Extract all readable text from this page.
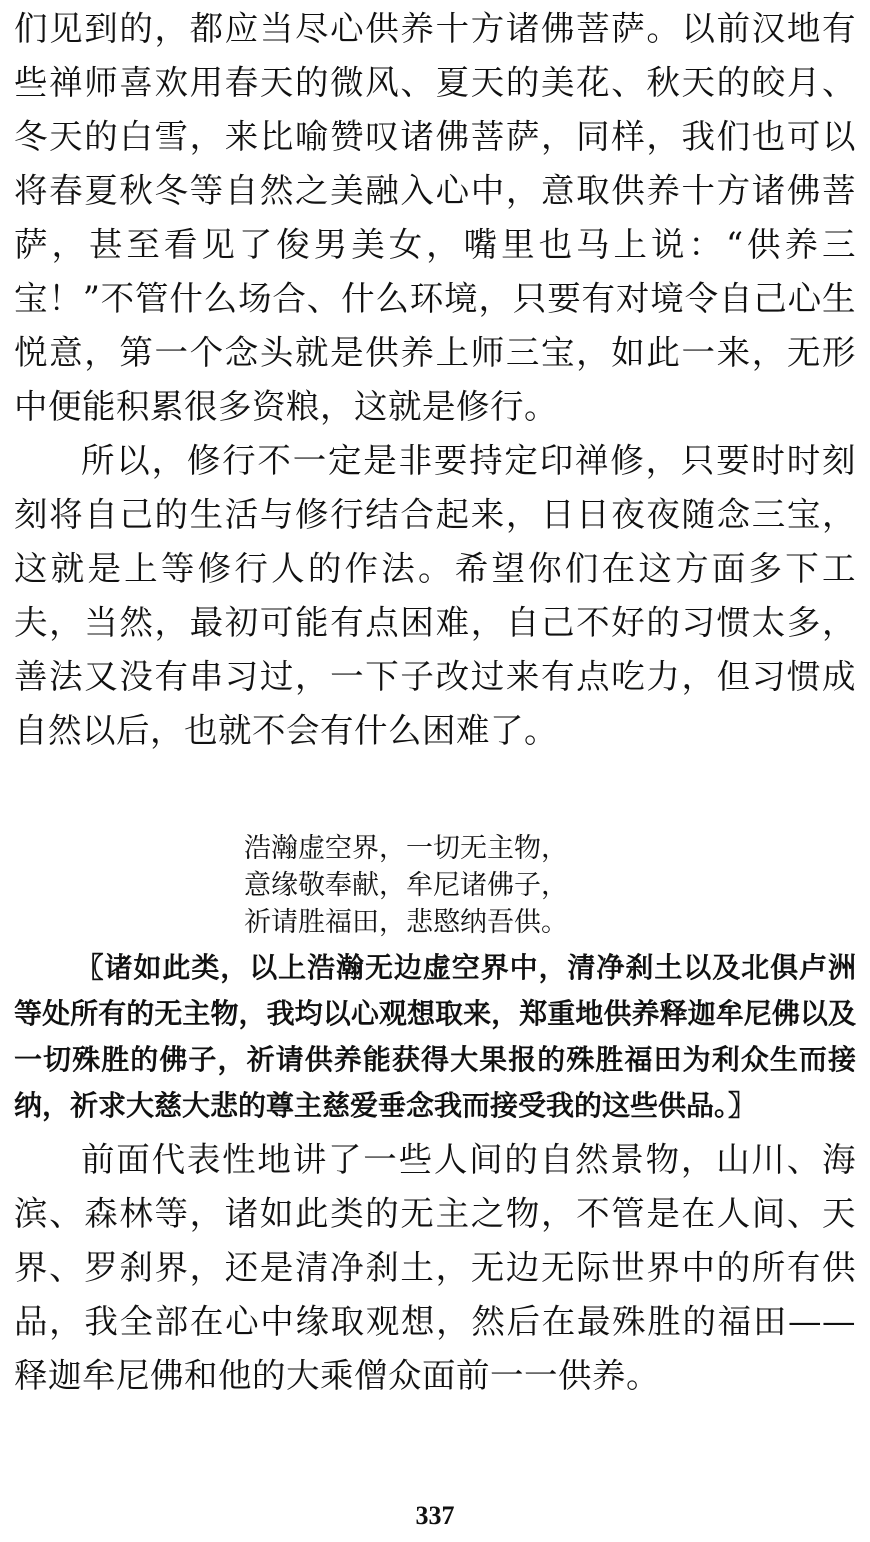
们见到的，都应当尽心供养十方诸佛菩萨。以前汉地有些禅师喜欢用春天的微风、夏天的美花、秋天的皎月、冬天的白雪，来比喻赞叹诸佛菩萨，同样，我们也可以将春夏秋冬等自然之美融入心中，意取供养十方诸佛菩萨，甚至看见了俊男美女，嘴里也马上说：“供养三宝！”不管什么场合、什么环境，只要有对境令自己心生悦意，第一个念头就是供养上师三宝，如此一来，无形中便能积累很多资粮，这就是修行。

所以，修行不一定是非要持定印禅修，只要时时刻刻将自己的生活与修行结合起来，日日夜夜随念三宝，这就是上等修行人的作法。希望你们在这方面多下工夫，当然，最初可能有点困难，自己不好的习惯太多，善法又没有串习过，一下子改过来有点吃力，但习惯成自然以后，也就不会有什么困难了。

浩瀚虚空界，一切无主物，
意缘敬奉献，牟尼诸佛子，
祈请胜福田，悲愍纳吾供。

〖诸如此类，以上浩瀚无边虚空界中，清净刹土以及北俱卢洲等处所有的无主物，我均以心观想取来，郑重地供养释迦牟尼佛以及一切殊胜的佛子，祈请供养能获得大果报的殊胜福田为利众生而接纳，祈求大慈大悲的尊主慈爱垂念我而接受我的这些供品。〗

前面代表性地讲了一些人间的自然景物，山川、海滨、森林等，诸如此类的无主之物，不管是在人间、天界、罗刹界，还是清净刹土，无边无际世界中的所有供品，我全部在心中缘取观想，然后在最殊胜的福田——释迦牟尼佛和他的大乘僧众面前一一供养。

337
